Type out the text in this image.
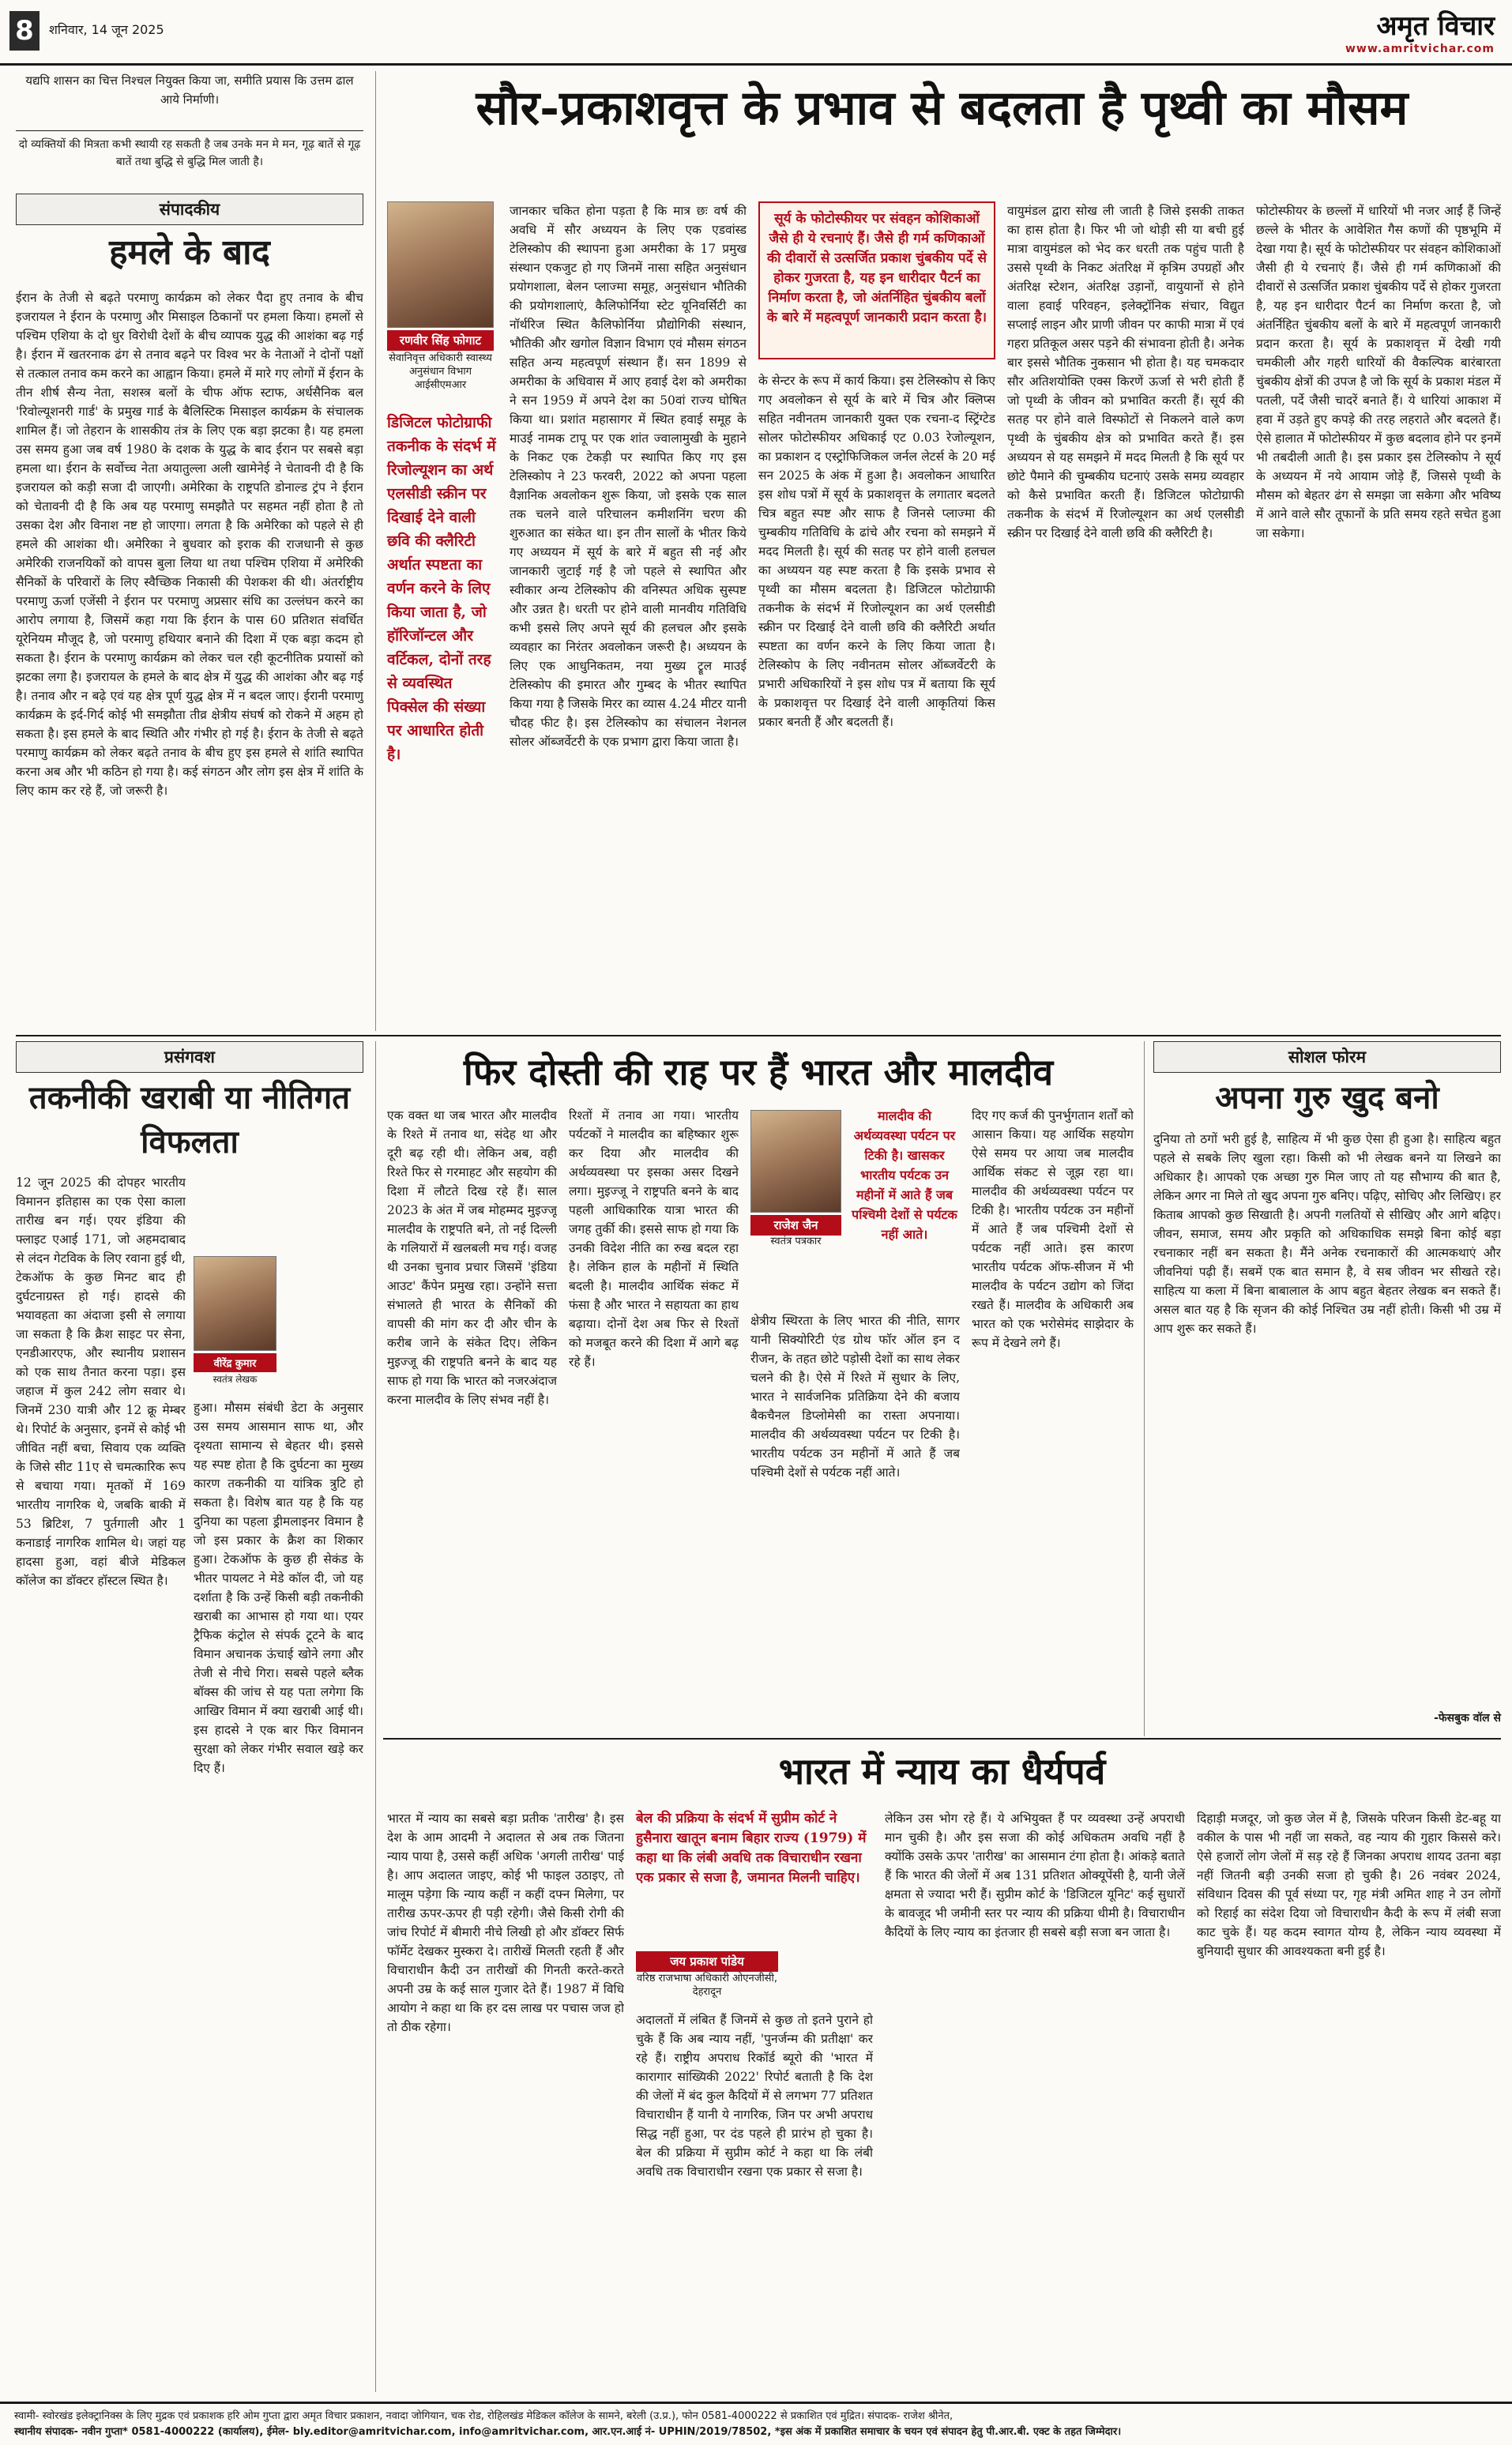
8	शनिवार, 14 जून 2025	अमृत विचार
www.amritvichar.com
यद्यपि शासन का चित्त निश्चल नियुक्त किया जा, समीति प्रयास कि उत्तम ढाल आये निर्माणी।
दो व्यक्तियों की मित्रता कभी स्थायी रह सकती है जब उनके मन मे मन, गूढ़ बातें से गूढ़ बातें तथा बुद्धि से बुद्धि मिल जाती है।
संपादकीय
हमले के बाद
ईरान के तेजी से बढ़ते परमाणु कार्यक्रम को लेकर पैदा हुए तनाव के बीच इजरायल ने ईरान के परमाणु और मिसाइल ठिकानों पर हमला किया। हमलों से पश्चिम एशिया के दो धुर विरोधी देशों के बीच व्यापक युद्ध की आशंका बढ़ गई है। ईरान में खतरनाक ढंग से तनाव बढ़ने पर विश्व भर के नेताओं ने दोनों पक्षों से तत्काल तनाव कम करने का आह्वान किया। हमले में मारे गए लोगों में ईरान के तीन शीर्ष सैन्य नेता, सशस्त्र बलों के चीफ ऑफ स्टाफ, अर्धसैनिक बल 'रिवोल्यूशनरी गार्ड' के प्रमुख गार्ड के बैलिस्टिक मिसाइल कार्यक्रम के संचालक शामिल हैं। जो तेहरान के शासकीय तंत्र के लिए एक बड़ा झटका है। यह हमला उस समय हुआ जब वर्ष 1980 के दशक के युद्ध के बाद ईरान पर सबसे बड़ा हमला था। ईरान के सर्वोच्च नेता अयातुल्ला अली खामेनेई ने चेतावनी दी है कि इजरायल को कड़ी सजा दी जाएगी। अमेरिका के राष्ट्रपति डोनाल्ड ट्रंप ने ईरान को चेतावनी दी है कि अब यह परमाणु समझौते पर सहमत नहीं होता है तो उसका देश और विनाश नष्ट हो जाएगा। लगता है कि अमेरिका को पहले से ही हमले की आशंका थी। अमेरिका ने बुधवार को इराक की राजधानी से कुछ अमेरिकी राजनयिकों को वापस बुला लिया था तथा पश्चिम एशिया में अमेरिकी सैनिकों के परिवारों के लिए स्वैच्छिक निकासी की पेशकश की थी। अंतर्राष्ट्रीय परमाणु ऊर्जा एजेंसी ने ईरान पर परमाणु अप्रसार संधि का उल्लंघन करने का आरोप लगाया है, जिसमें कहा गया कि ईरान के पास 60 प्रतिशत संवर्धित यूरेनियम मौजूद है, जो परमाणु हथियार बनाने की दिशा में एक बड़ा कदम हो सकता है। ईरान के परमाणु कार्यक्रम को लेकर चल रही कूटनीतिक प्रयासों को झटका लगा है। इजरायल के हमले के बाद क्षेत्र में युद्ध की आशंका और बढ़ गई है। तनाव और न बढ़े एवं यह क्षेत्र पूर्ण युद्ध क्षेत्र में न बदल जाए। ईरानी परमाणु कार्यक्रम के इर्द-गिर्द कोई भी समझौता तीव्र क्षेत्रीय संघर्ष को रोकने में अहम हो सकता है। इस हमले के बाद स्थिति और गंभीर हो गई है। ईरान के तेजी से बढ़ते परमाणु कार्यक्रम को लेकर बढ़ते तनाव के बीच हुए इस हमले से शांति स्थापित करना अब और भी कठिन हो गया है। कई संगठन और लोग इस क्षेत्र में शांति के लिए काम कर रहे हैं, जो जरूरी है।
सौर-प्रकाशवृत्त के प्रभाव से बदलता है पृथ्वी का मौसम
रणवीर सिंह फोगाट
सेवानिवृत्त अधिकारी स्वास्थ्य अनुसंधान विभाग आईसीएमआर
डिजिटल फोटोग्राफी तकनीक के संदर्भ में रिजोल्यूशन का अर्थ एलसीडी स्क्रीन पर दिखाई देने वाली छवि की क्लैरिटी अर्थात स्पष्टता का वर्णन करने के लिए किया जाता है, जो हॉरिजॉन्टल और वर्टिकल, दोनों तरह से व्यवस्थित पिक्सेल की संख्या पर आधारित होती है।
जानकार चकित होना पड़ता है कि मात्र छः वर्ष की अवधि में सौर अध्ययन के लिए एक एडवांस्ड टेलिस्कोप की स्थापना हुआ अमरीका के 17 प्रमुख संस्थान एकजुट हो गए जिनमें नासा सहित अनुसंधान प्रयोगशाला, बेलन प्लाज्मा समूह, अनुसंधान भौतिकी की प्रयोगशालाएं, कैलिफोर्निया स्टेट यूनिवर्सिटी का नॉर्थरिज स्थित कैलिफोर्निया प्रौद्योगिकी संस्थान, भौतिकी और खगोल विज्ञान विभाग एवं मौसम संगठन सहित अन्य महत्वपूर्ण संस्थान हैं। सन 1899 से अमरीका के अधिवास में आए हवाई देश को अमरीका ने सन 1959 में अपने देश का 50वां राज्य घोषित किया था। प्रशांत महासागर में स्थित हवाई समूह के माउई नामक टापू पर एक शांत ज्वालामुखी के मुहाने के निकट एक टेकड़ी पर स्थापित किए गए इस टेलिस्कोप ने 23 फरवरी, 2022 को अपना पहला वैज्ञानिक अवलोकन शुरू किया, जो इसके एक साल तक चलने वाले परिचालन कमीशनिंग चरण की शुरुआत का संकेत था। इन तीन सालों के भीतर किये गए अध्ययन में सूर्य के बारे में बहुत सी नई और जानकारी जुटाई गई है जो पहले से स्थापित और स्वीकार अन्य टेलिस्कोप की वनिस्पत अधिक सुस्पष्ट और उन्नत है। धरती पर होने वाली मानवीय गतिविधि कभी इससे लिए अपने सूर्य की हलचल और इसके व्यवहार का निरंतर अवलोकन जरूरी है। अध्ययन के लिए एक आधुनिकतम, नया मुख्य ट्रूल माउई टेलिस्कोप की इमारत और गुम्बद के भीतर स्थापित किया गया है जिसके मिरर का व्यास 4.24 मीटर यानी चौदह फीट है। इस टेलिस्कोप का संचालन नेशनल सोलर ऑब्जर्वेटरी के एक प्रभाग द्वारा किया जाता है।
सूर्य के फोटोस्फीयर पर संवहन कोशिकाओं जैसे ही ये रचनाएं हैं। जैसे ही गर्म कणिकाओं की दीवारों से उत्सर्जित प्रकाश चुंबकीय पर्दे से होकर गुजरता है, यह इन धारीदार पैटर्न का निर्माण करता है, जो अंतर्निहित चुंबकीय बलों के बारे में महत्वपूर्ण जानकारी प्रदान करता है।
के सेन्टर के रूप में कार्य किया। इस टेलिस्कोप से किए गए अवलोकन से सूर्य के बारे में चित्र और क्लिप्स सहित नवीनतम जानकारी युक्त एक रचना-द स्ट्रिंग्टेड सोलर फोटोस्फीयर अधिकाई एट 0.03 रेजोल्यूशन, का प्रकाशन द एस्ट्रोफिजिकल जर्नल लेटर्स के 20 मई सन 2025 के अंक में हुआ है। अवलोकन आधारित इस शोध पत्रों में सूर्य के प्रकाशवृत्त के लगातार बदलते चित्र बहुत स्पष्ट और साफ है जिनसे प्लाज्मा की चुम्बकीय गतिविधि के ढांचे और रचना को समझने में मदद मिलती है। सूर्य की सतह पर होने वाली हलचल का अध्ययन यह स्पष्ट करता है कि इसके प्रभाव से पृथ्वी का मौसम बदलता है। डिजिटल फोटोग्राफी तकनीक के संदर्भ में रिजोल्यूशन का अर्थ एलसीडी स्क्रीन पर दिखाई देने वाली छवि की क्लैरिटी अर्थात स्पष्टता का वर्णन करने के लिए किया जाता है। टेलिस्कोप के लिए नवीनतम सोलर ऑब्जर्वेटरी के प्रभारी अधिकारियों ने इस शोध पत्र में बताया कि सूर्य के प्रकाशवृत्त पर दिखाई देने वाली आकृतियां किस प्रकार बनती हैं और बदलती हैं।
वायुमंडल द्वारा सोख ली जाती है जिसे इसकी ताकत का हास होता है। फिर भी जो थोड़ी सी या बची हुई मात्रा वायुमंडल को भेद कर धरती तक पहुंच पाती है उससे पृथ्वी के निकट अंतरिक्ष में कृत्रिम उपग्रहों और अंतरिक्ष स्टेशन, अंतरिक्ष उड़ानों, वायुयानों से होने वाला हवाई परिवहन, इलेक्ट्रॉनिक संचार, विद्युत सप्लाई लाइन और प्राणी जीवन पर काफी मात्रा में एवं गहरा प्रतिकूल असर पड़ने की संभावना होती है। अनेक बार इससे भौतिक नुकसान भी होता है। यह चमकदार सौर अतिशयोक्ति एक्स किरणें ऊर्जा से भरी होती हैं जो पृथ्वी के जीवन को प्रभावित करती हैं। सूर्य की सतह पर होने वाले विस्फोटों से निकलने वाले कण पृथ्वी के चुंबकीय क्षेत्र को प्रभावित करते हैं। इस अध्ययन से यह समझने में मदद मिलती है कि सूर्य पर छोटे पैमाने की चुम्बकीय घटनाएं उसके समग्र व्यवहार को कैसे प्रभावित करती हैं। डिजिटल फोटोग्राफी तकनीक के संदर्भ में रिजोल्यूशन का अर्थ एलसीडी स्क्रीन पर दिखाई देने वाली छवि की क्लैरिटी है।
फोटोस्फीयर के छल्लों में धारियों भी नजर आईं हैं जिन्हें छल्ले के भीतर के आवेशित गैस कणों की पृष्ठभूमि में देखा गया है। सूर्य के फोटोस्फीयर पर संवहन कोशिकाओं जैसी ही ये रचनाएं हैं। जैसे ही गर्म कणिकाओं की दीवारों से उत्सर्जित प्रकाश चुंबकीय पर्दे से होकर गुजरता है, यह इन धारीदार पैटर्न का निर्माण करता है, जो अंतर्निहित चुंबकीय बलों के बारे में महत्वपूर्ण जानकारी प्रदान करता है। सूर्य के प्रकाशवृत्त में देखी गयी चमकीली और गहरी धारियों की वैकल्पिक बारंबारता चुंबकीय क्षेत्रों की उपज है जो कि सूर्य के प्रकाश मंडल में पतली, पर्दे जैसी चादरें बनाते हैं। ये धारियां आकाश में हवा में उड़ते हुए कपड़े की तरह लहराते और बदलते हैं। ऐसे हालात मेें फोटोस्फीयर में कुछ बदलाव होने पर इनमें भी तबदीली आती है। इस प्रकार इस टेलिस्कोप ने सूर्य के अध्ययन में नये आयाम जोड़े हैं, जिससे पृथ्वी के मौसम को बेहतर ढंग से समझा जा सकेगा और भविष्य में आने वाले सौर तूफानों के प्रति समय रहते सचेत हुआ जा सकेगा।
प्रसंगवश
तकनीकी खराबी या नीतिगत विफलता
12 जून 2025 की दोपहर भारतीय विमानन इतिहास का एक ऐसा काला तारीख बन गई। एयर इंडिया की फ्लाइट एआई 171, जो अहमदाबाद से लंदन गेटविक के लिए रवाना हुई थी, टेकऑफ के कुछ मिनट बाद ही दुर्घटनाग्रस्त हो गई। हादसे की भयावहता का अंदाजा इसी से लगाया जा सकता है कि क्रैश साइट पर सेना, एनडीआरएफ, और स्थानीय प्रशासन को एक साथ तैनात करना पड़ा। इस जहाज में कुल 242 लोग सवार थे। जिनमें 230 यात्री और 12 क्रू मेम्बर थे। रिपोर्ट के अनुसार, इनमें से कोई भी जीवित नहीं बचा, सिवाय एक व्यक्ति के जिसे सीट 11ए से चमत्कारिक रूप से बचाया गया। मृतकों में 169 भारतीय नागरिक थे, जबकि बाकी में 53 ब्रिटिश, 7 पुर्तगाली और 1 कनाडाई नागरिक शामिल थे। जहां यह हादसा हुआ, वहां बीजे मेडिकल कॉलेज का डॉक्टर हॉस्टल स्थित है।
वीरेंद्र कुमार
स्वतंत्र लेखक
हुआ। मौसम संबंधी डेटा के अनुसार उस समय आसमान साफ था, और दृश्यता सामान्य से बेहतर थी। इससे यह स्पष्ट होता है कि दुर्घटना का मुख्य कारण तकनीकी या यांत्रिक त्रुटि हो सकता है। विशेष बात यह है कि यह दुनिया का पहला ड्रीमलाइनर विमान है जो इस प्रकार के क्रैश का शिकार हुआ। टेकऑफ के कुछ ही सेकंड के भीतर पायलट ने मेडे कॉल दी, जो यह दर्शाता है कि उन्हें किसी बड़ी तकनीकी खराबी का आभास हो गया था। एयर ट्रैफिक कंट्रोल से संपर्क टूटने के बाद विमान अचानक ऊंचाई खोने लगा और तेजी से नीचे गिरा। सबसे पहले ब्लैक बॉक्स की जांच से यह पता लगेगा कि आखिर विमान में क्या खराबी आई थी। इस हादसे ने एक बार फिर विमानन सुरक्षा को लेकर गंभीर सवाल खड़े कर दिए हैं।
फिर दोस्ती की राह पर हैं भारत और मालदीव
एक वक्त था जब भारत और मालदीव के रिश्ते में तनाव था, संदेह था और दूरी बढ़ रही थी। लेकिन अब, वही रिश्ते फिर से गरमाहट और सहयोग की दिशा में लौटते दिख रहे हैं। साल 2023 के अंत में जब मोहम्मद मुइज्जू मालदीव के राष्ट्रपति बने, तो नई दिल्ली के गलियारों में खलबली मच गई। वजह थी उनका चुनाव प्रचार जिसमें 'इंडिया आउट' कैंपेन प्रमुख रहा। उन्होंने सत्ता संभालते ही भारत के सैनिकों की वापसी की मांग कर दी और चीन के करीब जाने के संकेत दिए। लेकिन मुइज्जू की राष्ट्रपति बनने के बाद यह साफ हो गया कि भारत को नजरअंदाज करना मालदीव के लिए संभव नहीं है।
रिश्तों में तनाव आ गया। भारतीय पर्यटकों ने मालदीव का बहिष्कार शुरू कर दिया और मालदीव की अर्थव्यवस्था पर इसका असर दिखने लगा। मुइज्जू ने राष्ट्रपति बनने के बाद पहली आधिकारिक यात्रा भारत की जगह तुर्की की। इससे साफ हो गया कि उनकी विदेश नीति का रुख बदल रहा है। लेकिन हाल के महीनों में स्थिति बदली है। मालदीव आर्थिक संकट में फंसा है और भारत ने सहायता का हाथ बढ़ाया। दोनों देश अब फिर से रिश्तों को मजबूत करने की दिशा में आगे बढ़ रहे हैं।
राजेश जैन
स्वतंत्र पत्रकार
मालदीव की अर्थव्यवस्था पर्यटन पर टिकी है। खासकर भारतीय पर्यटक उन महीनों में आते हैं जब पश्चिमी देशों से पर्यटक नहीं आते।
क्षेत्रीय स्थिरता के लिए भारत की नीति, सागर यानी सिक्योरिटी एंड ग्रोथ फॉर ऑल इन द रीजन, के तहत छोटे पड़ोसी देशों का साथ लेकर चलने की है। ऐसे में रिश्ते में सुधार के लिए, भारत ने सार्वजनिक प्रतिक्रिया देने की बजाय बैकचैनल डिप्लोमेसी का रास्ता अपनाया। मालदीव की अर्थव्यवस्था पर्यटन पर टिकी है। भारतीय पर्यटक उन महीनों में आते हैं जब पश्चिमी देशों से पर्यटक नहीं आते।
दिए गए कर्ज की पुनर्भुगतान शर्तों को आसान किया। यह आर्थिक सहयोग ऐसे समय पर आया जब मालदीव आर्थिक संकट से जूझ रहा था। मालदीव की अर्थव्यवस्था पर्यटन पर टिकी है। भारतीय पर्यटक उन महीनों में आते हैं जब पश्चिमी देशों से पर्यटक नहीं आते। इस कारण भारतीय पर्यटक ऑफ-सीजन में भी मालदीव के पर्यटन उद्योग को जिंदा रखते हैं। मालदीव के अधिकारी अब भारत को एक भरोसेमंद साझेदार के रूप में देखने लगे हैं।
सोशल फोरम
अपना गुरु खुद बनो
दुनिया तो ठगों भरी हुई है, साहित्य में भी कुछ ऐसा ही हुआ है। साहित्य बहुत पहले से सबके लिए खुला रहा। किसी को भी लेखक बनने या लिखने का अधिकार है। आपको एक अच्छा गुरु मिल जाए तो यह सौभाग्य की बात है, लेकिन अगर ना मिले तो खुद अपना गुरु बनिए। पढ़िए, सोचिए और लिखिए। हर किताब आपको कुछ सिखाती है। अपनी गलतियों से सीखिए और आगे बढ़िए। जीवन, समाज, समय और प्रकृति को अधिकाधिक समझे बिना कोई बड़ा रचनाकार नहीं बन सकता है। मैंने अनेक रचनाकारों की आत्मकथाएं और जीवनियां पढ़ी हैं। सबमें एक बात समान है, वे सब जीवन भर सीखते रहे। साहित्य या कला में बिना बाबालाल के आप बहुत बेहतर लेखक बन सकते हैं। असल बात यह है कि सृजन की कोई निश्चित उम्र नहीं होती। किसी भी उम्र में आप शुरू कर सकते हैं।
-फेसबुक वॉल से
भारत में न्याय का धैर्यपर्व
भारत में न्याय का सबसे बड़ा प्रतीक 'तारीख' है। इस देश के आम आदमी ने अदालत से अब तक जितना न्याय पाया है, उससे कहीं अधिक 'अगली तारीख' पाई है। आप अदालत जाइए, कोई भी फाइल उठाइए, तो मालूम पड़ेगा कि न्याय कहीं न कहीं दफ्न मिलेगा, पर तारीख ऊपर-ऊपर ही पड़ी रहेगी। जैसे किसी रोगी की जांच रिपोर्ट में बीमारी नीचे लिखी हो और डॉक्टर सिर्फ फॉर्मेट देखकर मुस्करा दे। तारीखें मिलती रहती हैं और विचाराधीन कैदी उन तारीखों की गिनती करते-करते अपनी उम्र के कई साल गुजार देते हैं। 1987 में विधि आयोग ने कहा था कि हर दस लाख पर पचास जज हो तो ठीक रहेगा।
बेल की प्रक्रिया के संदर्भ में सुप्रीम कोर्ट ने हुसैनारा खातून बनाम बिहार राज्य (1979) में कहा था कि लंबी अवधि तक विचाराधीन रखना एक प्रकार से सजा है, जमानत मिलनी चाहिए।
जय प्रकाश पांडेय
वरिष्ठ राजभाषा अधिकारी ओएनजीसी, देहरादून
अदालतों में लंबित हैं जिनमें से कुछ तो इतने पुराने हो चुके हैं कि अब न्याय नहीं, 'पुनर्जन्म की प्रतीक्षा' कर रहे हैं। राष्ट्रीय अपराध रिकॉर्ड ब्यूरो की 'भारत में कारागार सांख्यिकी 2022' रिपोर्ट बताती है कि देश की जेलों में बंद कुल कैदियों में से लगभग 77 प्रतिशत विचाराधीन हैं यानी ये नागरिक, जिन पर अभी अपराध सिद्ध नहीं हुआ, पर दंड पहले ही प्रारंभ हो चुका है। बेल की प्रक्रिया में सुप्रीम कोर्ट ने कहा था कि लंबी अवधि तक विचाराधीन रखना एक प्रकार से सजा है।
लेकिन उस भोग रहे हैं। ये अभियुक्त हैं पर व्यवस्था उन्हें अपराधी मान चुकी है। और इस सजा की कोई अधिकतम अवधि नहीं है क्योंकि उसके ऊपर 'तारीख' का आसमान टंगा होता है। आंकड़े बताते हैं कि भारत की जेलों में अब 131 प्रतिशत ओक्यूपेंसी है, यानी जेलें क्षमता से ज्यादा भरी हैं। सुप्रीम कोर्ट के 'डिजिटल यूनिट' कई सुधारों के बावजूद भी जमीनी स्तर पर न्याय की प्रक्रिया धीमी है। विचाराधीन कैदियों के लिए न्याय का इंतजार ही सबसे बड़ी सजा बन जाता है।
दिहाड़ी मजदूर, जो कुछ जेल में है, जिसके परिजन किसी डेट-बहू या वकील के पास भी नहीं जा सकते, वह न्याय की गुहार किससे करे। ऐसे हजारों लोग जेलों में सड़ रहे हैं जिनका अपराध शायद उतना बड़ा नहीं जितनी बड़ी उनकी सजा हो चुकी है। 26 नवंबर 2024, संविधान दिवस की पूर्व संध्या पर, गृह मंत्री अमित शाह ने उन लोगों को रिहाई का संदेश दिया जो विचाराधीन कैदी के रूप में लंबी सजा काट चुके हैं। यह कदम स्वागत योग्य है, लेकिन न्याय व्यवस्था में बुनियादी सुधार की आवश्यकता बनी हुई है।
स्वामी- स्वोरखंड इलेक्ट्रानिक्स के लिए मुद्रक एवं प्रकाशक हरि ओम गुप्ता द्वारा अमृत विचार प्रकाशन, नवादा जोगियान, चक रोड, रोहिलखंड मेडिकल कॉलेज के सामने, बरेली (उ.प्र.), फोन 0581-4000222 से प्रकाशित एवं मुद्रित। संपादक- राजेश श्रीनेत,
स्थानीय संपादक- नवीन गुप्ता* 0581-4000222 (कार्यालय), ईमेल- bly.editor@amritvichar.com, info@amritvichar.com, आर.एन.आई नं- UPHIN/2019/78502, *इस अंक में प्रकाशित समाचार के चयन एवं संपादन हेतु पी.आर.बी. एक्ट के तहत जिम्मेदार।
